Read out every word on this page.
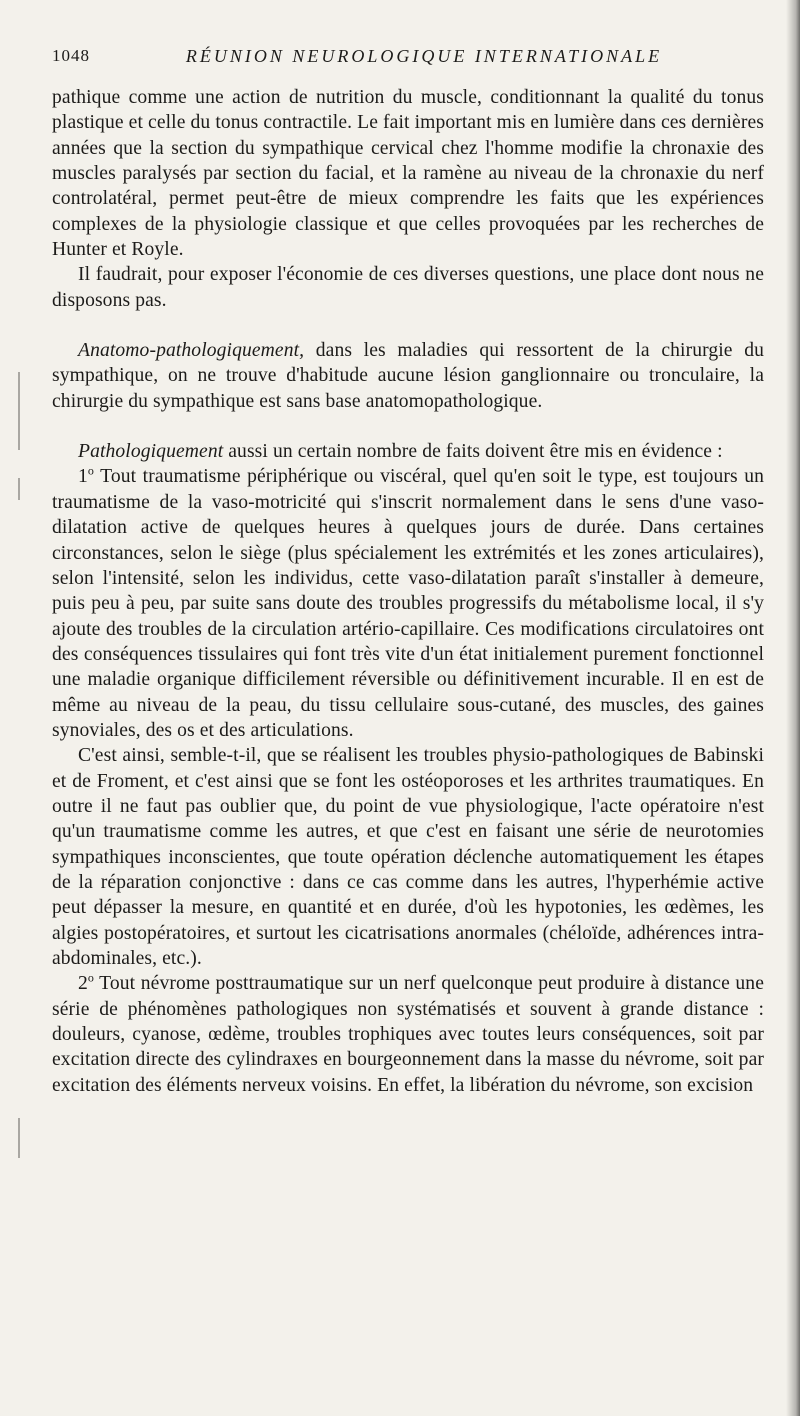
1048	RÉUNION NEUROLOGIQUE INTERNATIONALE

pathique comme une action de nutrition du muscle, conditionnant la qualité du tonus plastique et celle du tonus contractile. Le fait important mis en lumière dans ces dernières années que la section du sympathique cervical chez l'homme modifie la chronaxie des muscles paralysés par section du facial, et la ramène au niveau de la chronaxie du nerf controlatéral, permet peut-être de mieux comprendre les faits que les expériences complexes de la physiologie classique et que celles provoquées par les recherches de Hunter et Royle.

Il faudrait, pour exposer l'économie de ces diverses questions, une place dont nous ne disposons pas.

Anatomo-pathologiquement, dans les maladies qui ressortent de la chirurgie du sympathique, on ne trouve d'habitude aucune lésion ganglionnaire ou tronculaire, la chirurgie du sympathique est sans base anatomopathologique.

Pathologiquement aussi un certain nombre de faits doivent être mis en évidence :

1$^o$ Tout traumatisme périphérique ou viscéral, quel qu'en soit le type, est toujours un traumatisme de la vaso-motricité qui s'inscrit normalement dans le sens d'une vaso-dilatation active de quelques heures à quelques jours de durée. Dans certaines circonstances, selon le siège (plus spécialement les extrémités et les zones articulaires), selon l'intensité, selon les individus, cette vaso-dilatation paraît s'installer à demeure, puis peu à peu, par suite sans doute des troubles progressifs du métabolisme local, il s'y ajoute des troubles de la circulation artério-capillaire. Ces modifications circulatoires ont des conséquences tissulaires qui font très vite d'un état initialement purement fonctionnel une maladie organique difficilement réversible ou définitivement incurable. Il en est de même au niveau de la peau, du tissu cellulaire sous-cutané, des muscles, des gaines synoviales, des os et des articulations.

C'est ainsi, semble-t-il, que se réalisent les troubles physio-pathologiques de Babinski et de Froment, et c'est ainsi que se font les ostéoporoses et les arthrites traumatiques. En outre il ne faut pas oublier que, du point de vue physiologique, l'acte opératoire n'est qu'un traumatisme comme les autres, et que c'est en faisant une série de neurotomies sympathiques inconscientes, que toute opération déclenche automatiquement les étapes de la réparation conjonctive : dans ce cas comme dans les autres, l'hyperhémie active peut dépasser la mesure, en quantité et en durée, d'où les hypotonies, les œdèmes, les algies postopératoires, et surtout les cicatrisations anormales (chéloïde, adhérences intra-abdominales, etc.).

2$^o$ Tout névrome posttraumatique sur un nerf quelconque peut produire à distance une série de phénomènes pathologiques non systématisés et souvent à grande distance : douleurs, cyanose, œdème, troubles trophiques avec toutes leurs conséquences, soit par excitation directe des cylindraxes en bourgeonnement dans la masse du névrome, soit par excitation des éléments nerveux voisins. En effet, la libération du névrome, son excision
